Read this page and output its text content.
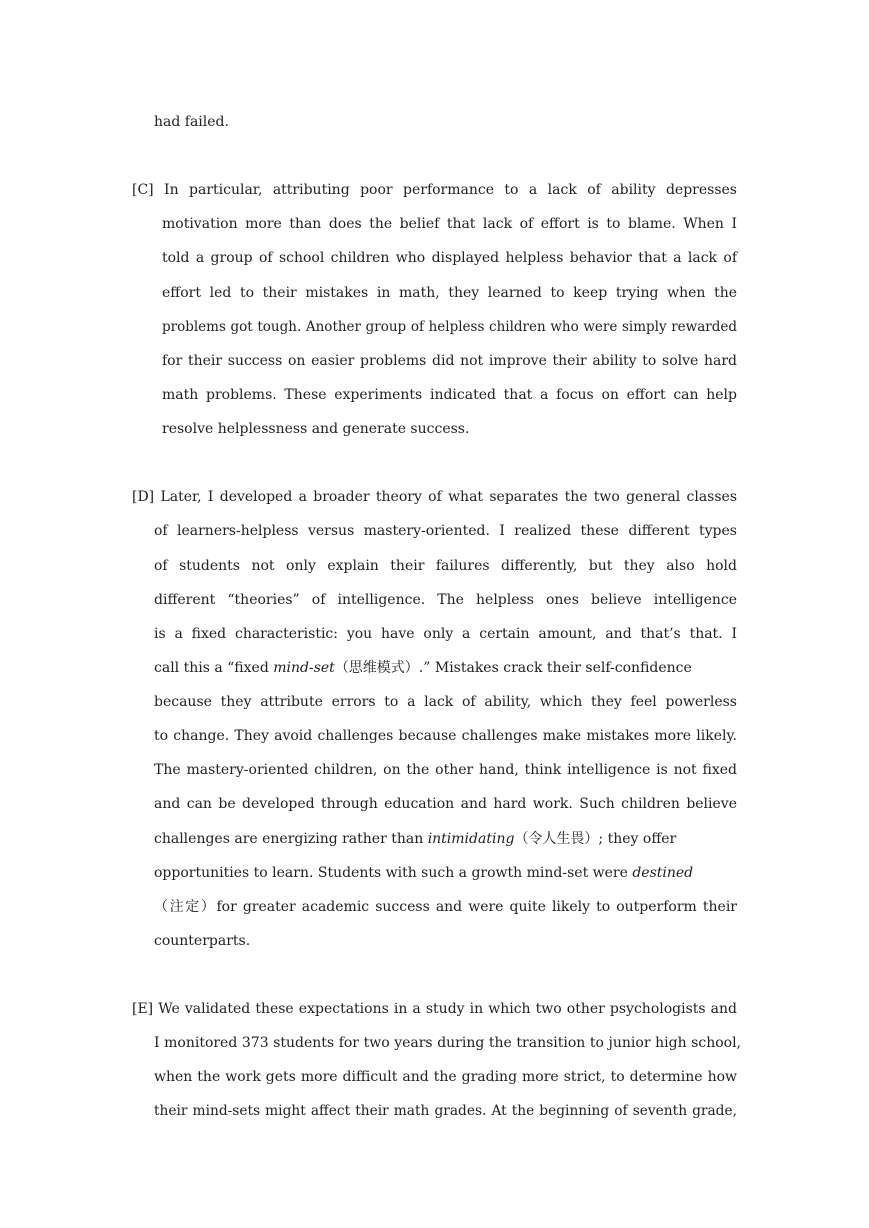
had failed.
[C] In particular, attributing poor performance to a lack of ability depresses
motivation more than does the belief that lack of effort is to blame. When I
told a group of school children who displayed helpless behavior that a lack of
effort led to their mistakes in math, they learned to keep trying when the
problems got tough. Another group of helpless children who were simply rewarded
for their success on easier problems did not improve their ability to solve hard
math problems. These experiments indicated that a focus on effort can help
resolve helplessness and generate success.
[D] Later, I developed a broader theory of what separates the two general classes
of learners-helpless versus mastery-oriented. I realized these different types
of students not only explain their failures differently, but they also hold
different “theories” of intelligence. The helpless ones believe intelligence
is a fixed characteristic: you have only a certain amount, and that’s that. I
call this a “fixed mind-set（思维模式）.” Mistakes crack their self-confidence
because they attribute errors to a lack of ability, which they feel powerless
to change. They avoid challenges because challenges make mistakes more likely.
The mastery-oriented children, on the other hand, think intelligence is not fixed
and can be developed through education and hard work. Such children believe
challenges are energizing rather than intimidating（令人生畏）; they offer
opportunities to learn. Students with such a growth mind-set were destined
（注定）for greater academic success and were quite likely to outperform their
counterparts.
[E] We validated these expectations in a study in which two other psychologists and
I monitored 373 students for two years during the transition to junior high school,
when the work gets more difficult and the grading more strict, to determine how
their mind-sets might affect their math grades. At the beginning of seventh grade,
